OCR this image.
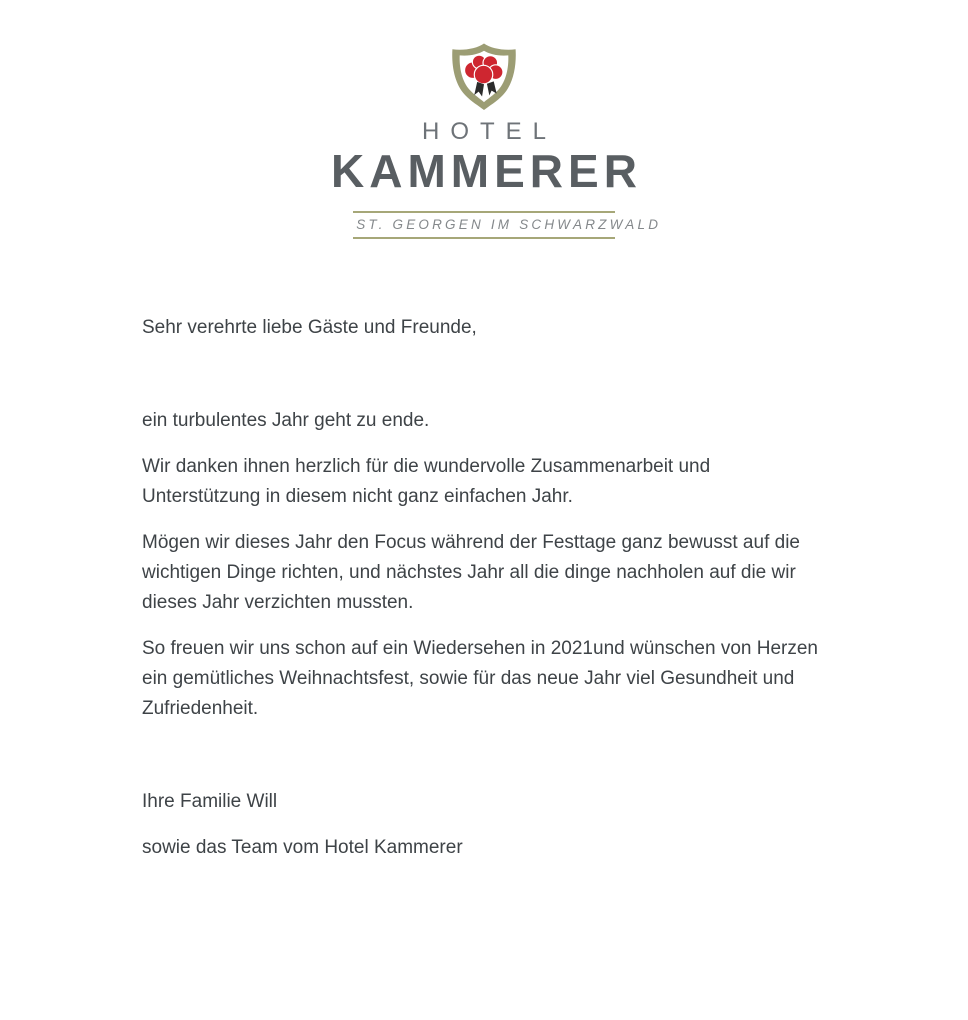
HOTEL
KAMMERER
ST. GEORGEN IM SCHWARZWALD

Sehr verehrte liebe Gäste und Freunde,

ein turbulentes Jahr geht zu ende.

Wir danken ihnen herzlich für die wundervolle Zusammenarbeit und Unterstützung in diesem nicht ganz einfachen Jahr.

Mögen wir dieses Jahr den Focus während der Festtage ganz bewusst auf die wichtigen Dinge richten, und nächstes Jahr all die dinge nachholen auf die wir dieses Jahr verzichten mussten.

So freuen wir uns schon auf ein Wiedersehen in 2021und wünschen von Herzen ein gemütliches Weihnachtsfest, sowie für das neue Jahr viel Gesundheit und Zufriedenheit.

Ihre Familie Will

sowie das Team vom Hotel Kammerer
